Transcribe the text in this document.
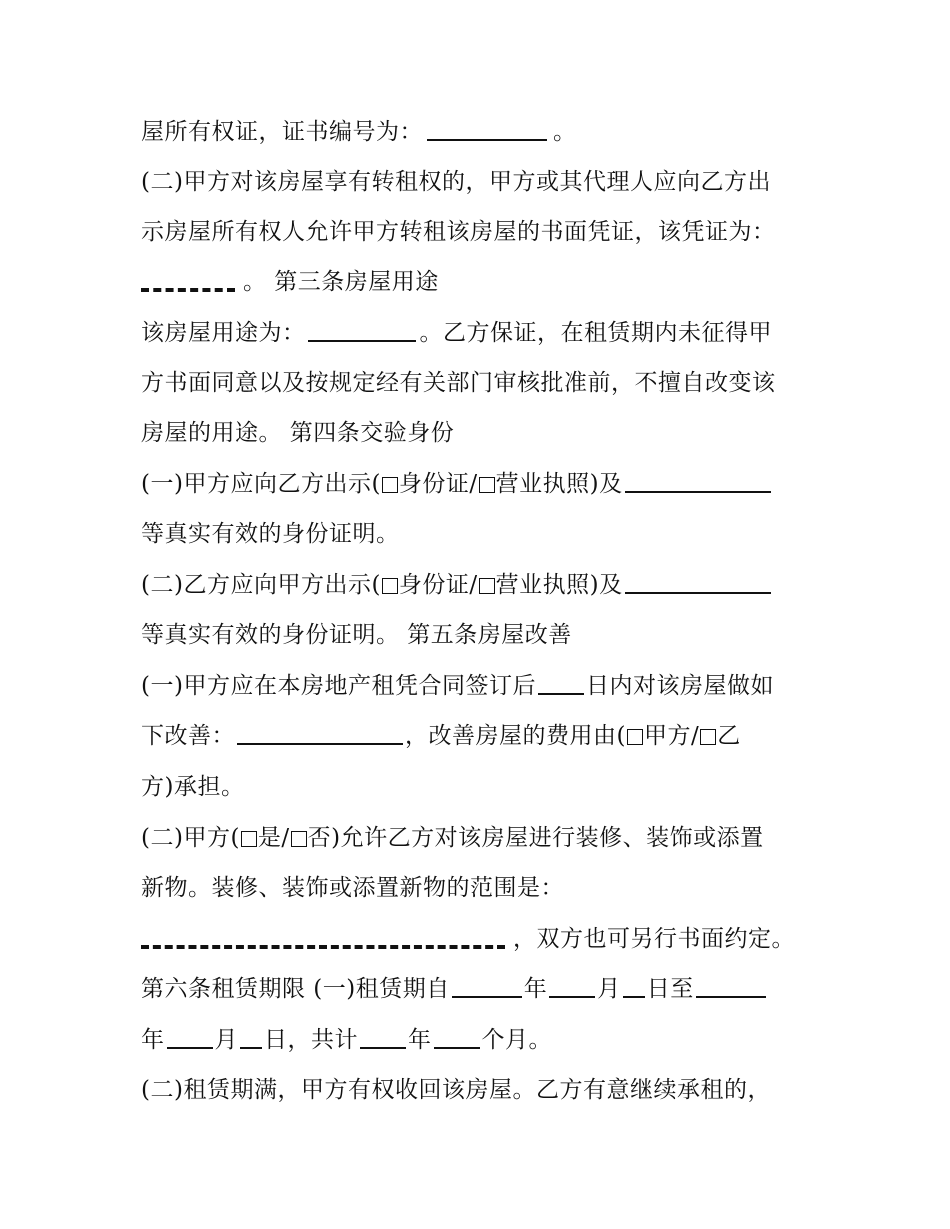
屋所有权证，证书编号为：	。
(二)甲方对该房屋享有转租权的，甲方或其代理人应向乙方出
示房屋所有权人允许甲方转租该房屋的书面凭证，该凭证为：
。 第三条房屋用途
该房屋用途为：	。乙方保证，在租赁期内未征得甲
方书面同意以及按规定经有关部门审核批准前，不擅自改变该
房屋的用途。 第四条交验身份
(一)甲方应向乙方出示( 身份证/ 营业执照)及
等真实有效的身份证明。
(二)乙方应向甲方出示( 身份证/ 营业执照)及
等真实有效的身份证明。 第五条房屋改善
(一)甲方应在本房地产租凭合同签订后 日内对该房屋做如
下改善：	，改善房屋的费用由( 甲方/ 乙
方)承担。
(二)甲方( 是/ 否)允许乙方对该房屋进行装修、装饰或添置
新物。装修、装饰或添置新物的范围是：
，双方也可另行书面约定。
第六条租赁期限 (一)租赁期自	年 月 日至
年 月 日，共计 年 个月。
(二)租赁期满，甲方有权收回该房屋。乙方有意继续承租的，
